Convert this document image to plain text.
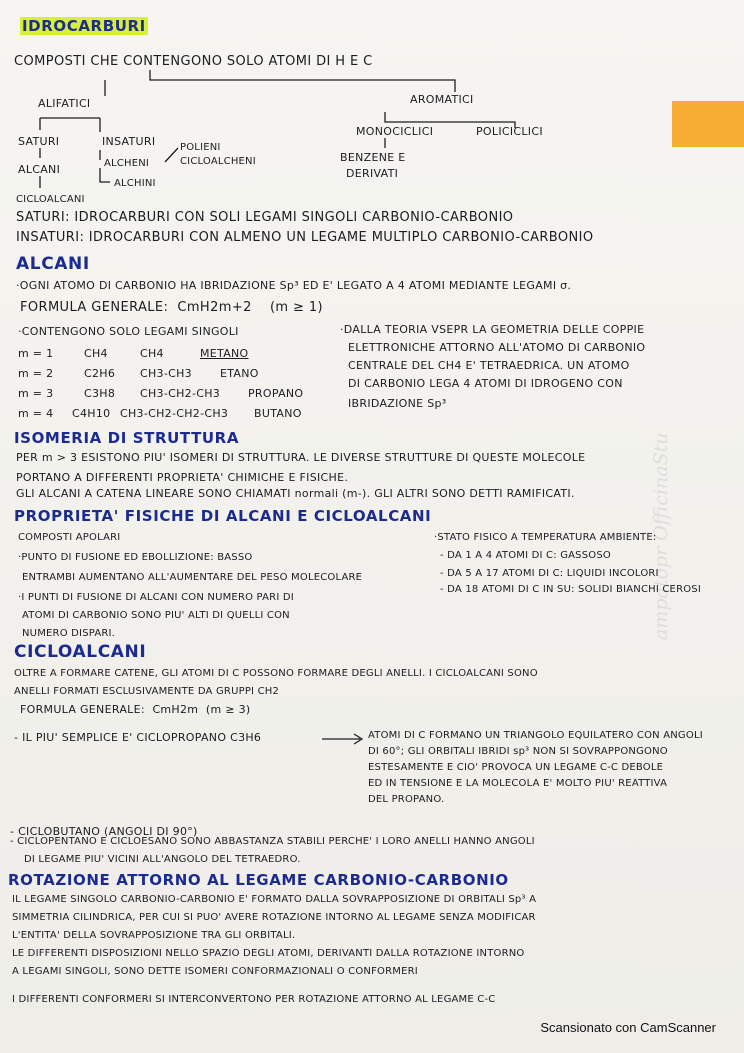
ampatopr OfficinaStu

IDROCARBURI

COMPOSTI CHE CONTENGONO SOLO ATOMI DI H E C

ALIFATICI	AROMATICI

SATURI	INSATURI

ALCANI

CICLOALCANI

ALCHENI

ALCHINI

POLIENI

CICLOALCHENI

MONOCICLICI	POLICICLICI

BENZENE E

DERIVATI

SATURI: IDROCARBURI CON SOLI LEGAMI SINGOLI CARBONIO-CARBONIO

INSATURI: IDROCARBURI CON ALMENO UN LEGAME MULTIPLO CARBONIO-CARBONIO

ALCANI

·OGNI ATOMO DI CARBONIO HA IBRIDAZIONE Sp³ ED E' LEGATO A 4 ATOMI MEDIANTE LEGAMI σ.

FORMULA GENERALE: CmH2m+2 (m ≥ 1)

·CONTENGONO SOLO LEGAMI SINGOLI

m = 1	CH4	CH4	METANO

m = 2	C2H6 CH3-CH3	ETANO

m = 3	C3H8 CH3-CH2-CH3	PROPANO

m = 4 C4H10 CH3-CH2-CH2-CH3 BUTANO

·DALLA TEORIA VSEPR LA GEOMETRIA DELLE COPPIE

ELETTRONICHE ATTORNO ALL'ATOMO DI CARBONIO

CENTRALE DEL CH4 E' TETRAEDRICA. UN ATOMO

DI CARBONIO LEGA 4 ATOMI DI IDROGENO CON

IBRIDAZIONE Sp³

ISOMERIA DI STRUTTURA

PER m > 3 ESISTONO PIU' ISOMERI DI STRUTTURA. LE DIVERSE STRUTTURE DI QUESTE MOLECOLE

PORTANO A DIFFERENTI PROPRIETA' CHIMICHE E FISICHE.

GLI ALCANI A CATENA LINEARE SONO CHIAMATI normali (m-). GLI ALTRI SONO DETTI RAMIFICATI.

PROPRIETA' FISICHE DI ALCANI E CICLOALCANI

COMPOSTI APOLARI

·PUNTO DI FUSIONE ED EBOLLIZIONE: BASSO

ENTRAMBI AUMENTANO ALL'AUMENTARE DEL PESO MOLECOLARE

·I PUNTI DI FUSIONE DI ALCANI CON NUMERO PARI DI

ATOMI DI CARBONIO SONO PIU' ALTI DI QUELLI CON

NUMERO DISPARI.

·STATO FISICO A TEMPERATURA AMBIENTE:

- DA 1 A 4 ATOMI DI C: GASSOSO

- DA 5 A 17 ATOMI DI C: LIQUIDI INCOLORI

- DA 18 ATOMI DI C IN SU: SOLIDI BIANCHI CEROSI

CICLOALCANI

OLTRE A FORMARE CATENE, GLI ATOMI DI C POSSONO FORMARE DEGLI ANELLI. I CICLOALCANI SONO

ANELLI FORMATI ESCLUSIVAMENTE DA GRUPPI CH2

FORMULA GENERALE: CmH2m (m ≥ 3)

- IL PIU' SEMPLICE E' CICLOPROPANO C3H6	ATOMI DI C FORMANO UN TRIANGOLO EQUILATERO CON ANGOLI

DI 60°; GLI ORBITALI IBRIDI sp³ NON SI SOVRAPPONGONO

ESTESAMENTE E CIO' PROVOCA UN LEGAME C-C DEBOLE

ED IN TENSIONE E LA MOLECOLA E' MOLTO PIU' REATTIVA

DEL PROPANO.

- CICLOBUTANO (ANGOLI DI 90°)

- CICLOPENTANO E CICLOESANO SONO ABBASTANZA STABILI PERCHE' I LORO ANELLI HANNO ANGOLI

DI LEGAME PIU' VICINI ALL'ANGOLO DEL TETRAEDRO.

ROTAZIONE ATTORNO AL LEGAME CARBONIO-CARBONIO

IL LEGAME SINGOLO CARBONIO-CARBONIO E' FORMATO DALLA SOVRAPPOSIZIONE DI ORBITALI Sp³ A

SIMMETRIA CILINDRICA, PER CUI SI PUO' AVERE ROTAZIONE INTORNO AL LEGAME SENZA MODIFICAR

L'ENTITA' DELLA SOVRAPPOSIZIONE TRA GLI ORBITALI.

LE DIFFERENTI DISPOSIZIONI NELLO SPAZIO DEGLI ATOMI, DERIVANTI DALLA ROTAZIONE INTORNO

A LEGAMI SINGOLI, SONO DETTE ISOMERI CONFORMAZIONALI O CONFORMERI

I DIFFERENTI CONFORMERI SI INTERCONVERTONO PER ROTAZIONE ATTORNO AL LEGAME C-C

Scansionato con CamScanner
